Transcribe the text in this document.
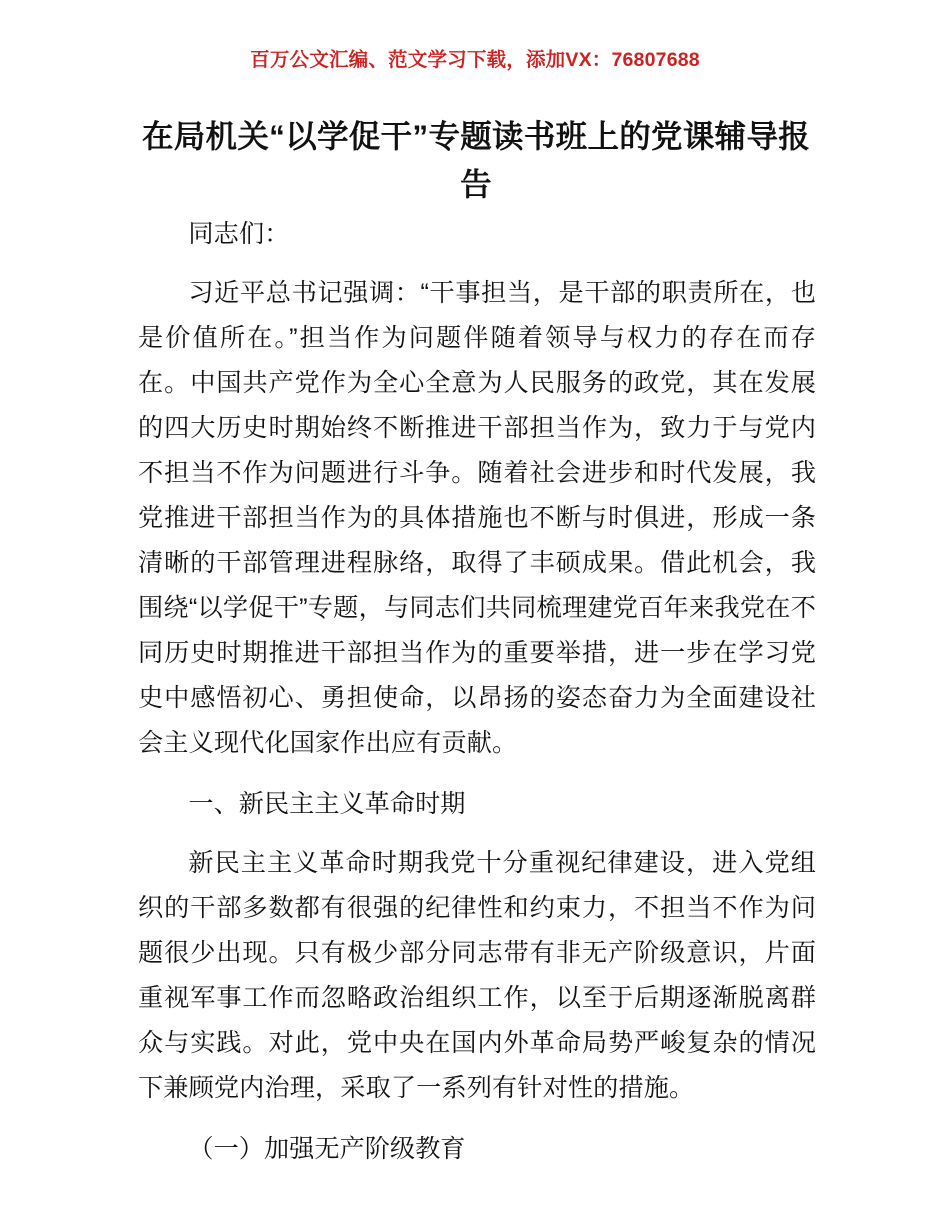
百万公文汇编、范文学习下载，添加VX：76807688
在局机关“以学促干”专题读书班上的党课辅导报告
同志们：
习近平总书记强调：“干事担当，是干部的职责所在，也是价值所在。”担当作为问题伴随着领导与权力的存在而存在。中国共产党作为全心全意为人民服务的政党，其在发展的四大历史时期始终不断推进干部担当作为，致力于与党内不担当不作为问题进行斗争。随着社会进步和时代发展，我党推进干部担当作为的具体措施也不断与时俱进，形成一条清晰的干部管理进程脉络，取得了丰硕成果。借此机会，我围绕“以学促干”专题，与同志们共同梳理建党百年来我党在不同历史时期推进干部担当作为的重要举措，进一步在学习党史中感悟初心、勇担使命，以昂扬的姿态奋力为全面建设社会主义现代化国家作出应有贡献。
一、新民主主义革命时期
新民主主义革命时期我党十分重视纪律建设，进入党组织的干部多数都有很强的纪律性和约束力，不担当不作为问题很少出现。只有极少部分同志带有非无产阶级意识，片面重视军事工作而忽略政治组织工作，以至于后期逐渐脱离群众与实践。对此，党中央在国内外革命局势严峻复杂的情况下兼顾党内治理，采取了一系列有针对性的措施。
（一）加强无产阶级教育
